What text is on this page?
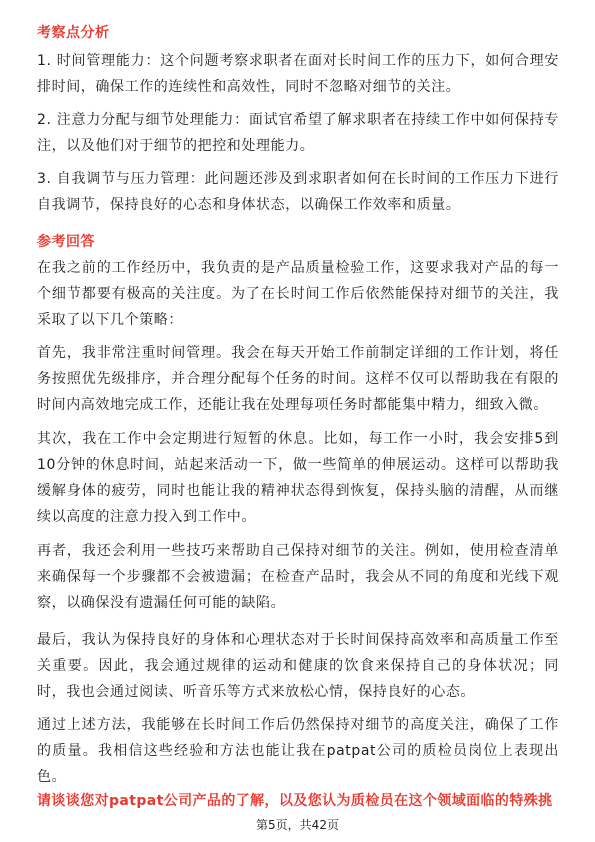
考察点分析
1. 时间管理能力：这个问题考察求职者在面对长时间工作的压力下，如何合理安排时间，确保工作的连续性和高效性，同时不忽略对细节的关注。
2. 注意力分配与细节处理能力：面试官希望了解求职者在持续工作中如何保持专注，以及他们对于细节的把控和处理能力。
3. 自我调节与压力管理：此问题还涉及到求职者如何在长时间的工作压力下进行自我调节，保持良好的心态和身体状态，以确保工作效率和质量。
参考回答
在我之前的工作经历中，我负责的是产品质量检验工作，这要求我对产品的每一个细节都要有极高的关注度。为了在长时间工作后依然能保持对细节的关注，我采取了以下几个策略：
首先，我非常注重时间管理。我会在每天开始工作前制定详细的工作计划，将任务按照优先级排序，并合理分配每个任务的时间。这样不仅可以帮助我在有限的时间内高效地完成工作，还能让我在处理每项任务时都能集中精力，细致入微。
其次，我在工作中会定期进行短暂的休息。比如，每工作一小时，我会安排5到10分钟的休息时间，站起来活动一下，做一些简单的伸展运动。这样可以帮助我缓解身体的疲劳，同时也能让我的精神状态得到恢复，保持头脑的清醒，从而继续以高度的注意力投入到工作中。
再者，我还会利用一些技巧来帮助自己保持对细节的关注。例如，使用检查清单来确保每一个步骤都不会被遗漏；在检查产品时，我会从不同的角度和光线下观察，以确保没有遗漏任何可能的缺陷。
最后，我认为保持良好的身体和心理状态对于长时间保持高效率和高质量工作至关重要。因此，我会通过规律的运动和健康的饮食来保持自己的身体状况；同时，我也会通过阅读、听音乐等方式来放松心情，保持良好的心态。
通过上述方法，我能够在长时间工作后仍然保持对细节的高度关注，确保了工作的质量。我相信这些经验和方法也能让我在patpat公司的质检员岗位上表现出色。
请谈谈您对patpat公司产品的了解，以及您认为质检员在这个领域面临的特殊挑
第5页，共42页
